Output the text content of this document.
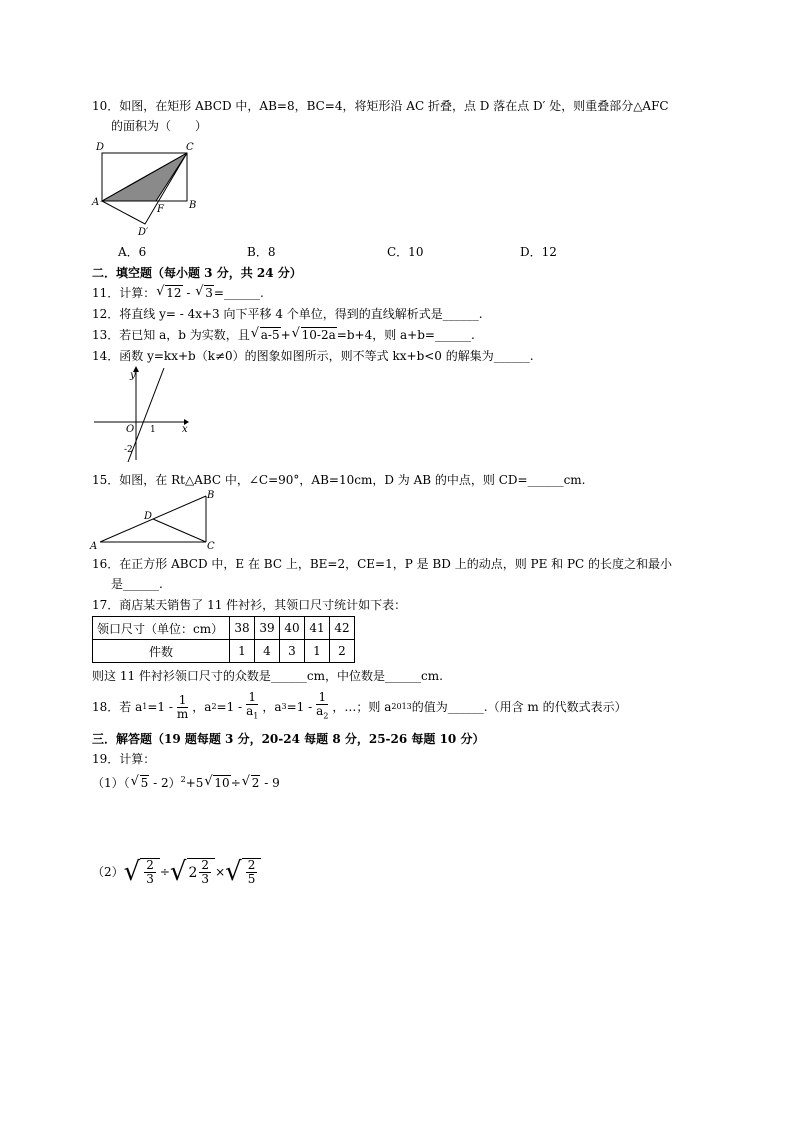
10．如图，在矩形 ABCD 中，AB=8，BC=4，将矩形沿 AC 折叠，点 D 落在点 D′ 处，则重叠部分△AFC
的面积为（　　）
D	C
A
F	B
D′
A．6	B．8	C．10	D．12
二．填空题（每小题 3 分，共 24 分）
11．计算： √ 12 - √ 3=______.
12．将直线 y= - 4x+3 向下平移 4 个单位，得到的直线解析式是______.
13．若已知 a，b 为实数，且 √ a-5+ √ 10-2a=b+4，则 a+b=______.
14．函数 y=kx+b（k≠0）的图象如图所示，则不等式 kx+b<0 的解集为______.
y
x
O 1
-2
15．如图，在 Rt△ABC 中，∠C=90°，AB=10cm，D 为 AB 的中点，则 CD=______cm.
A
B
C
D
16．在正方形 ABCD 中，E 在 BC 上，BE=2，CE=1，P 是 BD 上的动点，则 PE 和 PC 的长度之和最小
是______.
17．商店某天销售了 11 件衬衫，其领口尺寸统计如下表：
领口尺寸（单位：cm）	38	39	40	41	42
件数	1	4	3	1	2
则这 11 件衬衫领口尺寸的众数是______cm，中位数是______cm.
18．若 a $1 =1 - \frac{1}{m}$ ，a $2 =1 - \frac{1}{a_1}$ ，a $3 =1 - \frac{1}{a_2}$ ，…；则 a 2013 的值为______.（用含 m 的代数式表示）
三．解答题（19 题每题 3 分，20-24 每题 8 分，25-26 每题 10 分）
19．计算：
（1）（ √ 5 - 2）$^2$+5 √ 10÷ √ 2 - 9
（2） √ $\frac{2}{3}$ ÷ √ $2 \frac{2}{3}$ × √ $\frac{2}{5}$
